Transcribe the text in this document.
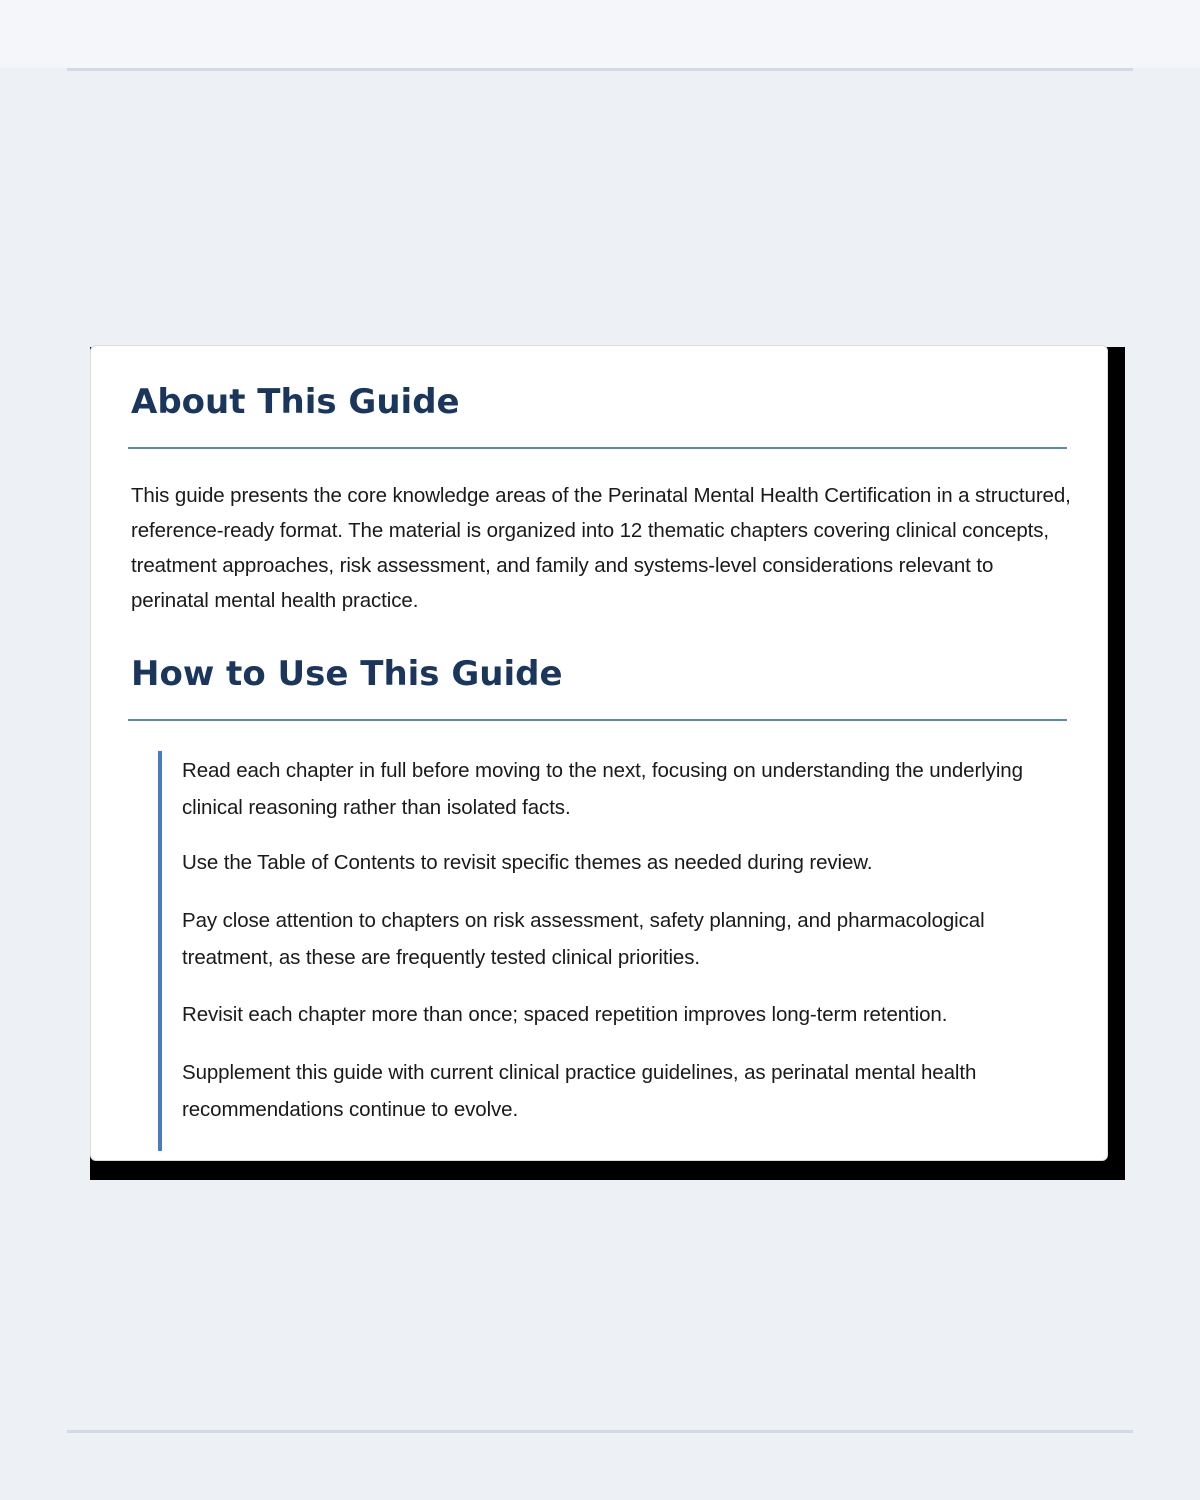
About This Guide

This guide presents the core knowledge areas of the Perinatal Mental Health Certification in a structured, reference-ready format. The material is organized into 12 thematic chapters covering clinical concepts, treatment approaches, risk assessment, and family and systems-level considerations relevant to perinatal mental health practice.

How to Use This Guide

Read each chapter in full before moving to the next, focusing on understanding the underlying clinical reasoning rather than isolated facts.

Use the Table of Contents to revisit specific themes as needed during review.

Pay close attention to chapters on risk assessment, safety planning, and pharmacological treatment, as these are frequently tested clinical priorities.

Revisit each chapter more than once; spaced repetition improves long-term retention.

Supplement this guide with current clinical practice guidelines, as perinatal mental health recommendations continue to evolve.
